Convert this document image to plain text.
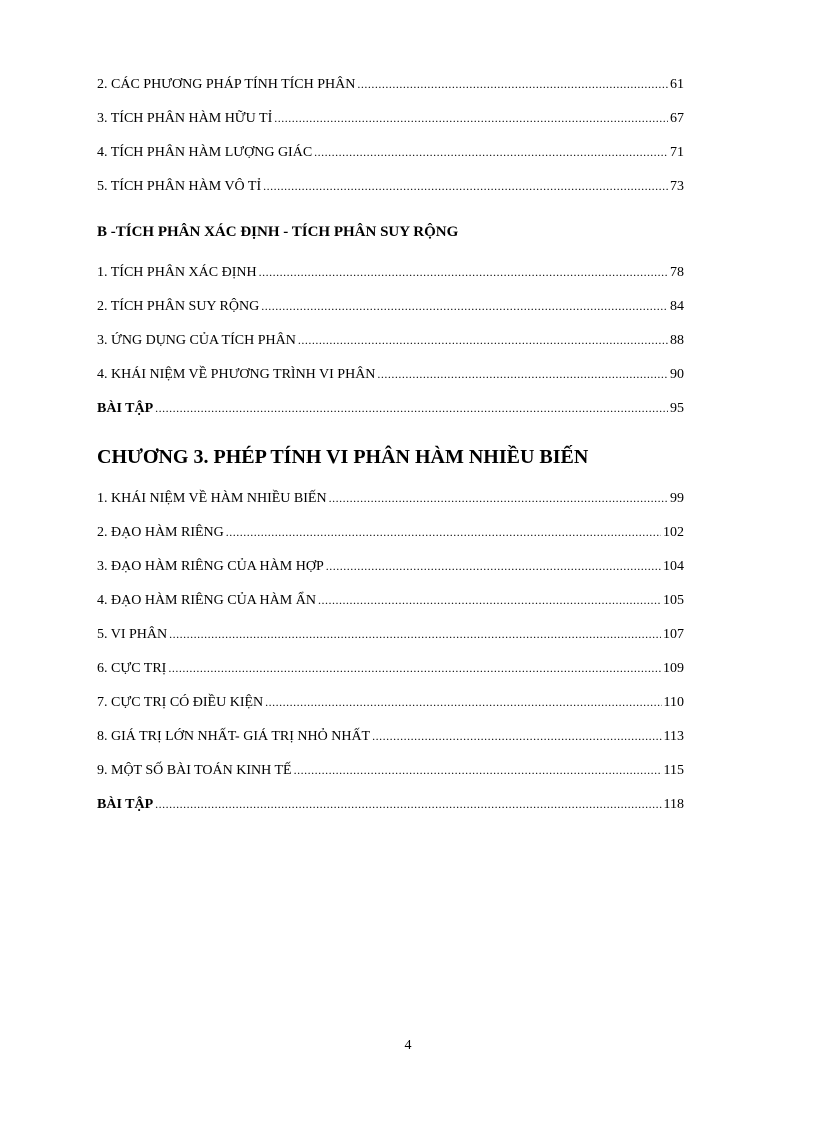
2. CÁC PHƯƠNG PHÁP TÍNH TÍCH PHÂN .....	61
3. TÍCH PHÂN HÀM HỮU TỈ .....	67
4. TÍCH PHÂN HÀM LƯỢNG GIÁC .....	71
5. TÍCH PHÂN HÀM VÔ TỈ .....	73
B -TÍCH PHÂN XÁC ĐỊNH - TÍCH PHÂN SUY RỘNG
1. TÍCH PHÂN XÁC ĐỊNH .....	78
2. TÍCH PHÂN SUY RỘNG .....	84
3. ỨNG DỤNG CỦA TÍCH PHÂN .....	88
4. KHÁI NIỆM VỀ PHƯƠNG TRÌNH VI PHÂN .....	90
BÀI TẬP .....	95
CHƯƠNG 3. PHÉP TÍNH VI PHÂN HÀM NHIỀU BIẾN
1. KHÁI NIỆM VỀ HÀM NHIỀU BIẾN .....	99
2. ĐẠO HÀM RIÊNG .....	102
3. ĐẠO HÀM RIÊNG CỦA HÀM HỢP .....	104
4. ĐẠO HÀM RIÊNG CỦA HÀM ẨN .....	105
5. VI PHÂN .....	107
6. CỰC TRỊ .....	109
7. CỰC TRỊ CÓ ĐIỀU KIỆN .....	110
8. GIÁ TRỊ LỚN NHẤT- GIÁ TRỊ NHỎ NHẤT .....	113
9. MỘT SỐ BÀI TOÁN KINH TẾ .....	115
BÀI TẬP .....	118
4
